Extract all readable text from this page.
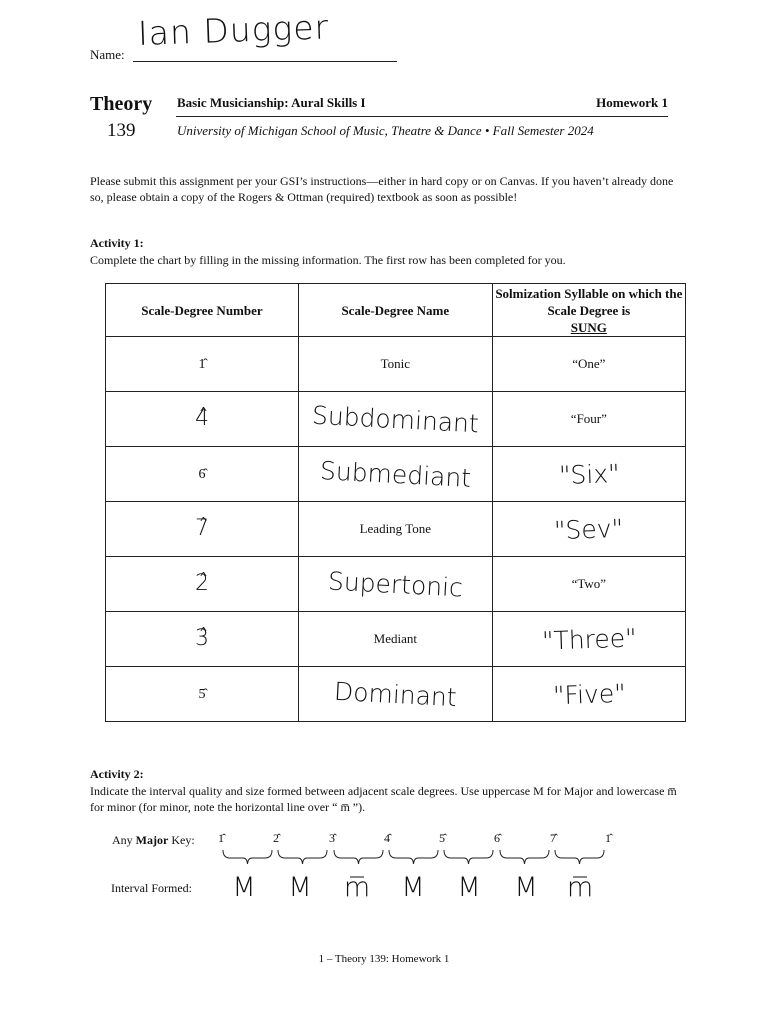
Name:
Ian Dugger
Theory
139
Basic Musicianship: Aural Skills I	Homework 1
University of Michigan School of Music, Theatre & Dance • Fall Semester 2024
Please submit this assignment per your GSI’s instructions—either in hard copy or on Canvas. If you haven’t already done so, please obtain a copy of the Rogers & Ottman (required) textbook as soon as possible!
Activity 1:
Complete the chart by filling in the missing information. The first row has been completed for you.
Scale-Degree Number	Scale-Degree Name	Solmization Syllable on which the Scale Degree is
SUNG
1̂	Tonic	“One”
4̂	Subdominant	“Four”
6̂	Submediant	"Six"
7̂	Leading Tone	"Sev"
2̂	Supertonic	“Two”
3̂	Mediant	"Three"
5̂	Dominant	"Five"
Activity 2:
Indicate the interval quality and size formed between adjacent scale degrees. Use uppercase M for Major and lowercase m̅ for minor (for minor, note the horizontal line over “ m̅ ”).
Any Major Key:	1̂	2̂	3̂	4̂	5̂	6̂	7̂	1̂
Interval Formed:	M	M	m̅	M	M	M	m̅
1 – Theory 139: Homework 1
